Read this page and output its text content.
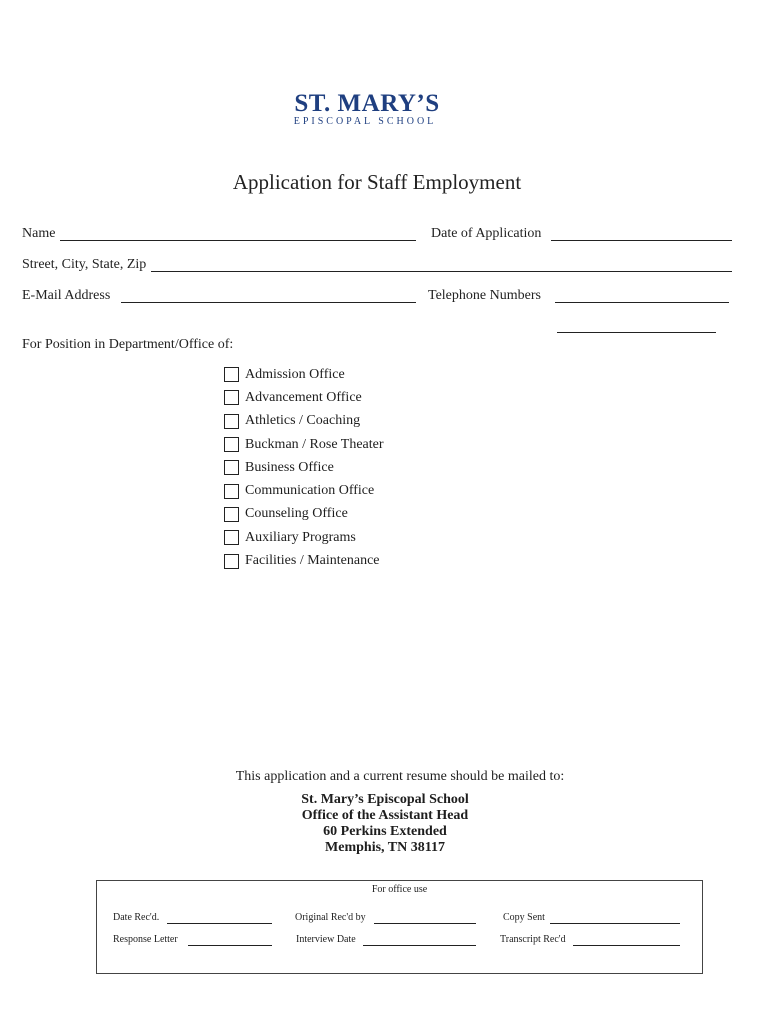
ST. MARY’S
EPISCOPAL SCHOOL
Application for Staff Employment
Name	Date of Application
Street, City, State, Zip
E-Mail Address	Telephone Numbers
For Position in Department/Office of:
Admission Office
Advancement Office
Athletics / Coaching
Buckman / Rose Theater
Business Office
Communication Office
Counseling Office
Auxiliary Programs
Facilities / Maintenance
This application and a current resume should be mailed to:
St. Mary’s Episcopal School
Office of the Assistant Head
60 Perkins Extended
Memphis, TN 38117
For office use
Date Rec'd.	Original Rec'd by	Copy Sent
Response Letter	Interview Date	Transcript Rec'd
